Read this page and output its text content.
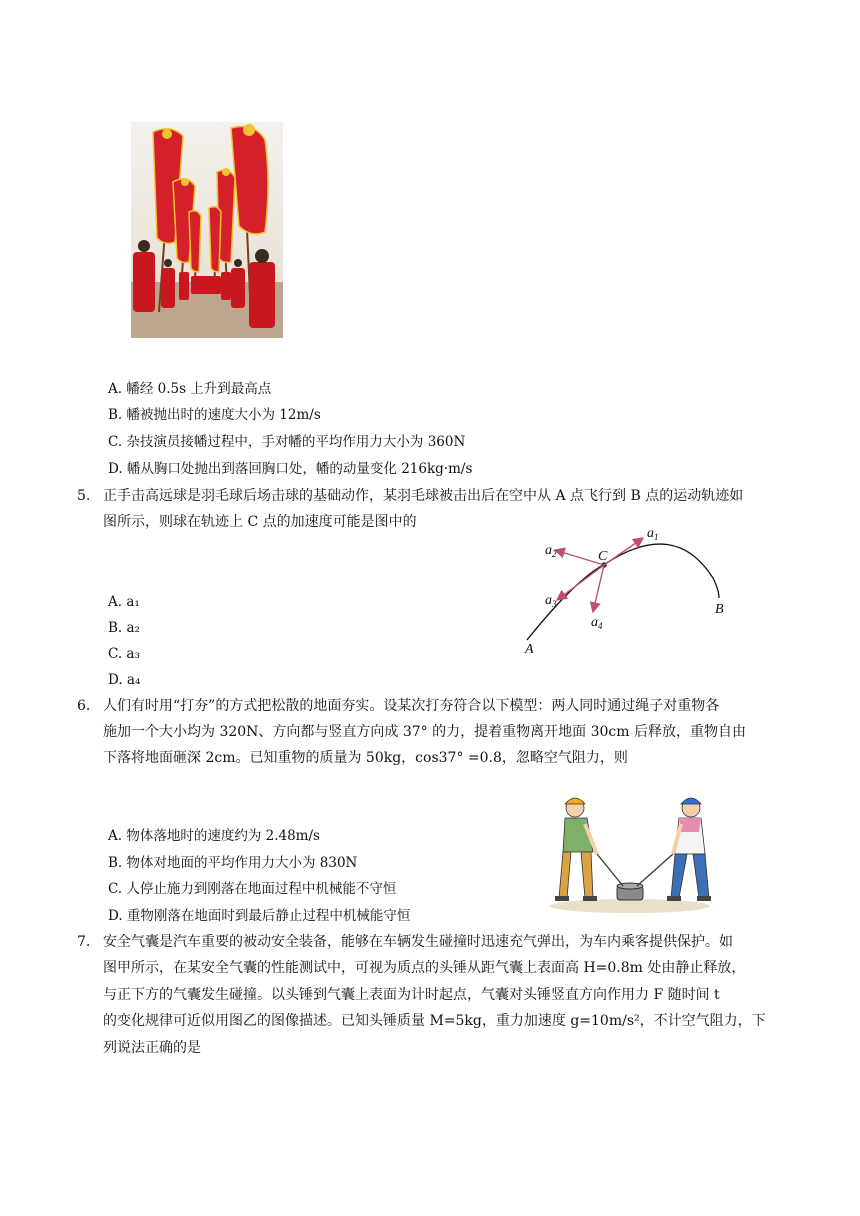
A. 幡经 0.5s 上升到最高点
B. 幡被抛出时的速度大小为 12m/s
C. 杂技演员接幡过程中，手对幡的平均作用力大小为 360N
D. 幡从胸口处抛出到落回胸口处，幡的动量变化 216kg·m/s
5. 正手击高远球是羽毛球后场击球的基础动作，某羽毛球被击出后在空中从 A 点飞行到 B 点的运动轨迹如
图所示，则球在轨迹上 C 点的加速度可能是图中的
A. a₁
B. a₂
C. a₃
D. a₄
C
$a_1$
$a_2$
$a_3$
$a_4$
A
B
6. 人们有时用“打夯”的方式把松散的地面夯实。设某次打夯符合以下模型：两人同时通过绳子对重物各
施加一个大小均为 320N、方向都与竖直方向成 37° 的力，提着重物离开地面 30cm 后释放，重物自由
下落将地面砸深 2cm。已知重物的质量为 50kg，cos37° =0.8，忽略空气阻力，则
A. 物体落地时的速度约为 2.48m/s
B. 物体对地面的平均作用力大小为 830N
C. 人停止施力到刚落在地面过程中机械能不守恒
D. 重物刚落在地面时到最后静止过程中机械能守恒
7. 安全气囊是汽车重要的被动安全装备，能够在车辆发生碰撞时迅速充气弹出，为车内乘客提供保护。如
图甲所示，在某安全气囊的性能测试中，可视为质点的头锤从距气囊上表面高 H=0.8m 处由静止释放，
与正下方的气囊发生碰撞。以头锤到气囊上表面为计时起点，气囊对头锤竖直方向作用力 F 随时间 t
的变化规律可近似用图乙的图像描述。已知头锤质量 M=5kg，重力加速度 g=10m/s²，不计空气阻力，下
列说法正确的是
